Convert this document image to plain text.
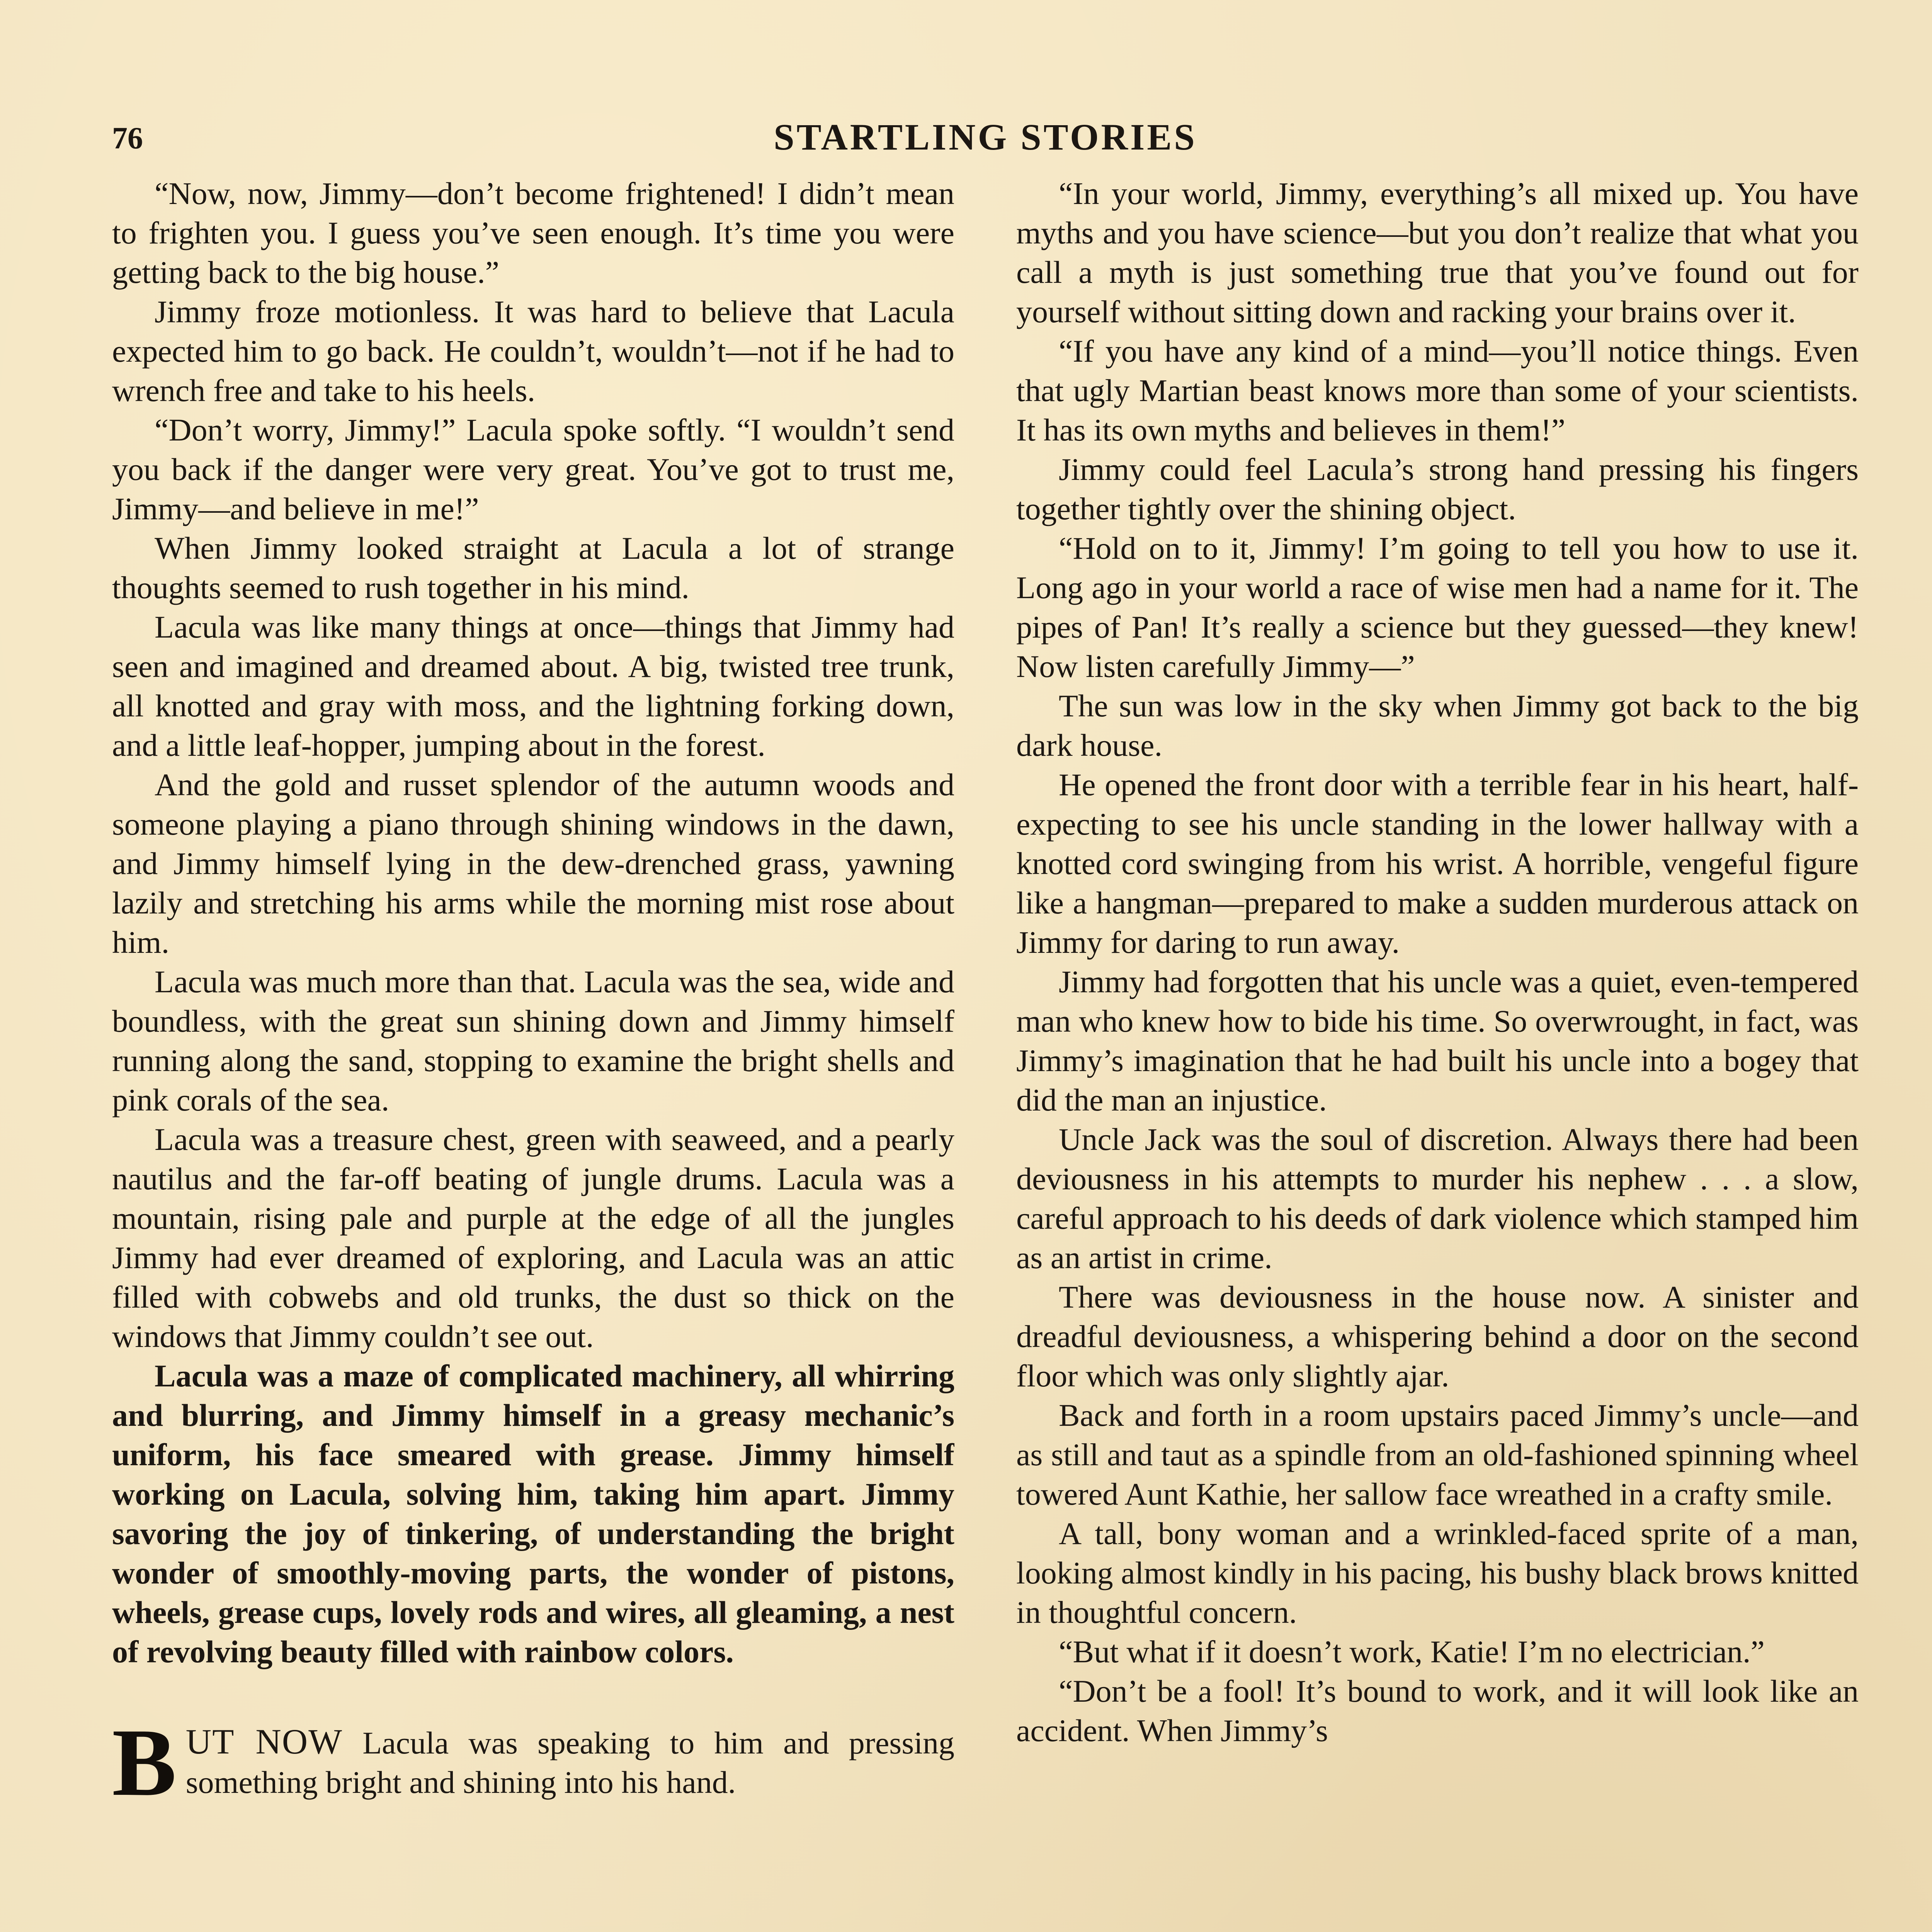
76	STARTLING STORIES

“Now, now, Jimmy—don’t become frightened! I didn’t mean to frighten you. I guess you’ve seen enough. It’s time you were getting back to the big house.”

Jimmy froze motionless. It was hard to believe that Lacula expected him to go back. He couldn’t, wouldn’t—not if he had to wrench free and take to his heels.

“Don’t worry, Jimmy!” Lacula spoke softly. “I wouldn’t send you back if the danger were very great. You’ve got to trust me, Jimmy—and believe in me!”

When Jimmy looked straight at Lacula a lot of strange thoughts seemed to rush together in his mind.

Lacula was like many things at once—things that Jimmy had seen and imagined and dreamed about. A big, twisted tree trunk, all knotted and gray with moss, and the lightning forking down, and a little leaf-hopper, jumping about in the forest.

And the gold and russet splendor of the autumn woods and someone playing a piano through shining windows in the dawn, and Jimmy himself lying in the dew-drenched grass, yawning lazily and stretching his arms while the morning mist rose about him.

Lacula was much more than that. Lacula was the sea, wide and boundless, with the great sun shining down and Jimmy himself running along the sand, stopping to examine the bright shells and pink corals of the sea.

Lacula was a treasure chest, green with seaweed, and a pearly nautilus and the far-off beating of jungle drums. Lacula was a mountain, rising pale and purple at the edge of all the jungles Jimmy had ever dreamed of exploring, and Lacula was an attic filled with cobwebs and old trunks, the dust so thick on the windows that Jimmy couldn’t see out.

Lacula was a maze of complicated machinery, all whirring and blurring, and Jimmy himself in a greasy mechanic’s uniform, his face smeared with grease. Jimmy himself working on Lacula, solving him, taking him apart. Jimmy savoring the joy of tinkering, of understanding the bright wonder of smoothly-moving parts, the wonder of pistons, wheels, grease cups, lovely rods and wires, all gleaming, a nest of revolving beauty filled with rainbow colors.

B UT NOW Lacula was speaking to him and pressing something bright and shining into his hand.

“In your world, Jimmy, everything’s all mixed up. You have myths and you have science—but you don’t realize that what you call a myth is just something true that you’ve found out for yourself without sitting down and racking your brains over it.

“If you have any kind of a mind—you’ll notice things. Even that ugly Martian beast knows more than some of your scientists. It has its own myths and believes in them!”

Jimmy could feel Lacula’s strong hand pressing his fingers together tightly over the shining object.

“Hold on to it, Jimmy! I’m going to tell you how to use it. Long ago in your world a race of wise men had a name for it. The pipes of Pan! It’s really a science but they guessed—they knew! Now listen carefully Jimmy—”

The sun was low in the sky when Jimmy got back to the big dark house.

He opened the front door with a terrible fear in his heart, half-expecting to see his uncle standing in the lower hallway with a knotted cord swinging from his wrist. A horrible, vengeful figure like a hangman—prepared to make a sudden murderous attack on Jimmy for daring to run away.

Jimmy had forgotten that his uncle was a quiet, even-tempered man who knew how to bide his time. So overwrought, in fact, was Jimmy’s imagination that he had built his uncle into a bogey that did the man an injustice.

Uncle Jack was the soul of discretion. Always there had been deviousness in his attempts to murder his nephew . . . a slow, careful approach to his deeds of dark violence which stamped him as an artist in crime.

There was deviousness in the house now. A sinister and dreadful deviousness, a whispering behind a door on the second floor which was only slightly ajar.

Back and forth in a room upstairs paced Jimmy’s uncle—and as still and taut as a spindle from an old-fashioned spinning wheel towered Aunt Kathie, her sallow face wreathed in a crafty smile.

A tall, bony woman and a wrinkled-faced sprite of a man, looking almost kindly in his pacing, his bushy black brows knitted in thoughtful concern.

“But what if it doesn’t work, Katie! I’m no electrician.”

“Don’t be a fool! It’s bound to work, and it will look like an accident. When Jimmy’s
